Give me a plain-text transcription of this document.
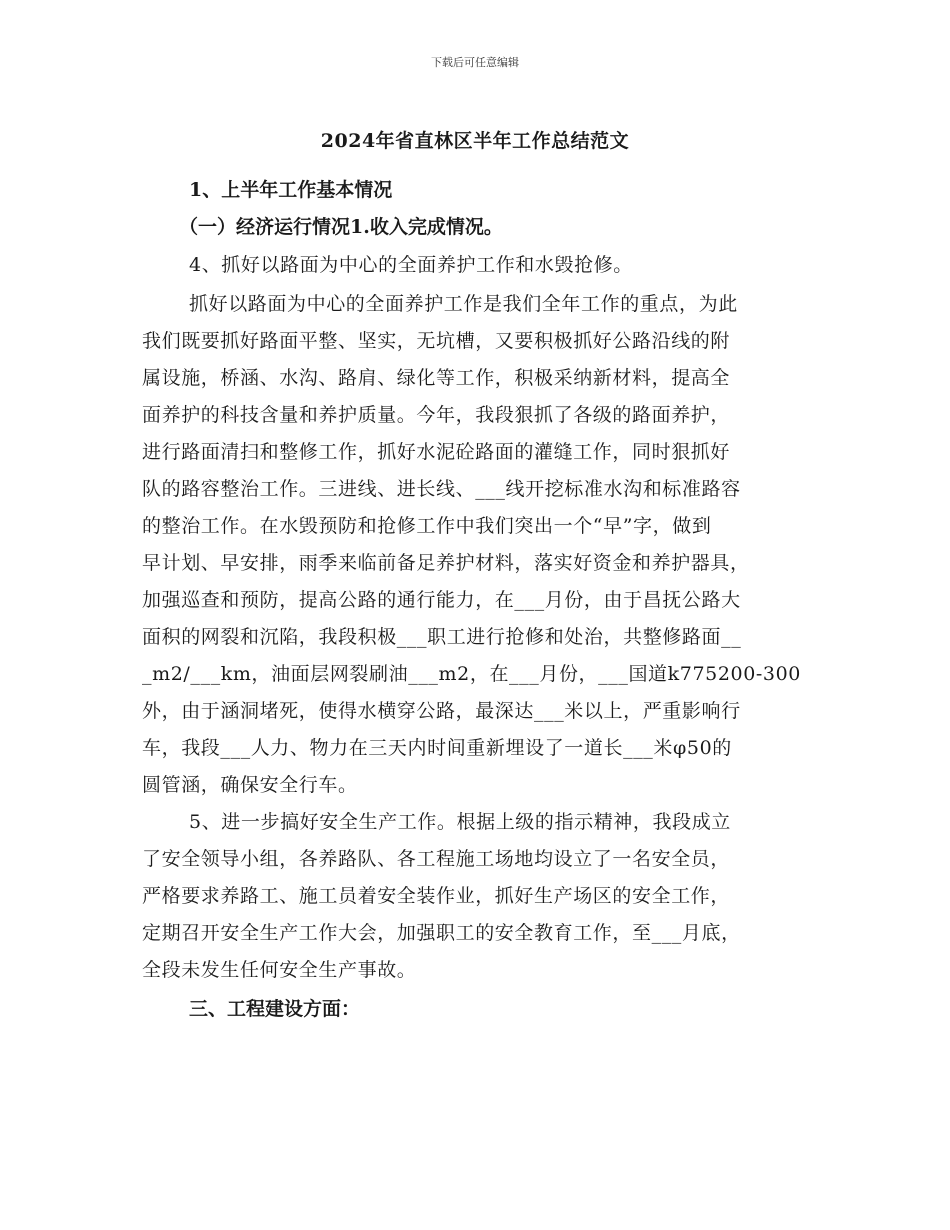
下载后可任意编辑
2024年省直林区半年工作总结范文
1、上半年工作基本情况
（一）经济运行情况1.收入完成情况。
4、抓好以路面为中心的全面养护工作和水毁抢修。
抓好以路面为中心的全面养护工作是我们全年工作的重点，为此
我们既要抓好路面平整、坚实，无坑槽，又要积极抓好公路沿线的附
属设施，桥涵、水沟、路肩、绿化等工作，积极采纳新材料，提高全
面养护的科技含量和养护质量。今年，我段狠抓了各级的路面养护，
进行路面清扫和整修工作，抓好水泥砼路面的灌缝工作，同时狠抓好
队的路容整治工作。三进线、进长线、___线开挖标准水沟和标准路容
的整治工作。在水毁预防和抢修工作中我们突出一个“早”字，做到
早计划、早安排，雨季来临前备足养护材料，落实好资金和养护器具，
加强巡查和预防，提高公路的通行能力，在___月份，由于昌抚公路大
面积的网裂和沉陷，我段积极___职工进行抢修和处治，共整修路面__
_m2/___km，油面层网裂刷油___m2，在___月份，___国道k775200-300
外，由于涵洞堵死，使得水横穿公路，最深达___米以上，严重影响行
车，我段___人力、物力在三天内时间重新埋设了一道长___米φ50的
圆管涵，确保安全行车。
5、进一步搞好安全生产工作。根据上级的指示精神，我段成立
了安全领导小组，各养路队、各工程施工场地均设立了一名安全员，
严格要求养路工、施工员着安全装作业，抓好生产场区的安全工作，
定期召开安全生产工作大会，加强职工的安全教育工作，至___月底，
全段未发生任何安全生产事故。
三、工程建设方面：
